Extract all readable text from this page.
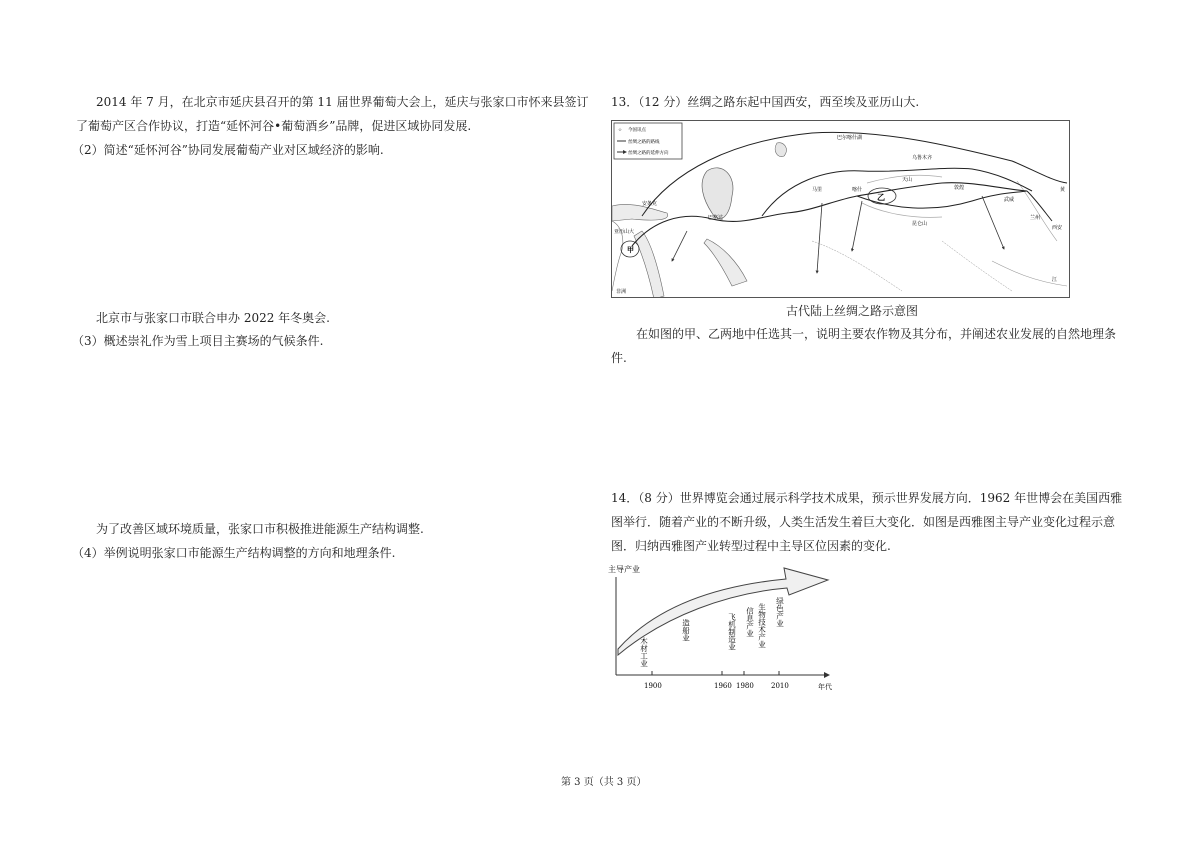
2014 年 7 月，在北京市延庆县召开的第 11 届世界葡萄大会上，延庆与张家口市怀来县签订
了葡萄产区合作协议，打造“延怀河谷•葡萄酒乡”品牌，促进区域协同发展.
（2）简述“延怀河谷”协同发展葡萄产业对区域经济的影响.
北京市与张家口市联合申办 2022 年冬奥会.
（3）概述崇礼作为雪上项目主赛场的气候条件.
为了改善区域环境质量，张家口市积极推进能源生产结构调整.
（4）举例说明张家口市能源生产结构调整的方向和地理条件.
13．（12 分）丝绸之路东起中国西安，西至埃及亚历山大.
☆ 今国讯点
丝绸之路的路线
丝绸之路的延伸方向
甲
乙
西安
敦煌
武威
乌鲁木齐
喀什
兰州
马里
巴格达
亚历山大
安条克
天山
昆仑山
巴尔喀什湖
非洲
江
黄
古代陆上丝绸之路示意图
在如图的甲、乙两地中任选其一，说明主要农作物及其分布，并阐述农业发展的自然地理条
件.
14．（8 分）世界博览会通过展示科学技术成果，预示世界发展方向．1962 年世博会在美国西雅
图举行．随着产业的不断升级，人类生活发生着巨大变化．如图是西雅图主导产业变化过程示意
图．归纳西雅图产业转型过程中主导区位因素的变化.
主导产业
1900	1960 1980 2010	年代
木材工业
造船业	飞机制造业 信息产业 生物技术产业 绿色产业
第 3 页（共 3 页）
